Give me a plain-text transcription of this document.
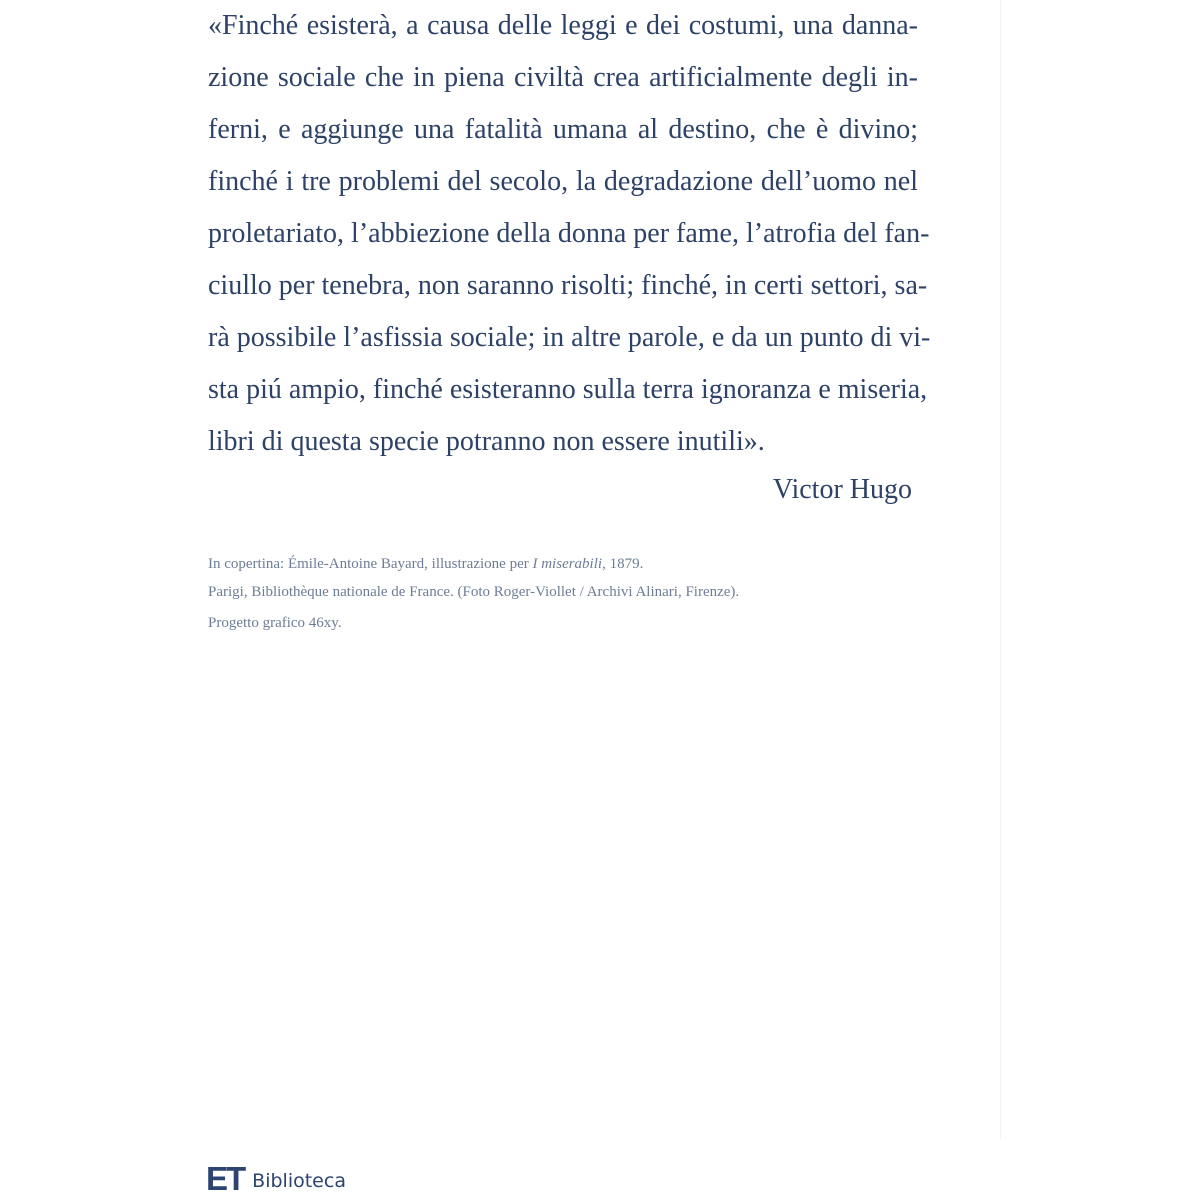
«Finché esisterà, a causa delle leggi e dei costumi, una danna-
zione sociale che in piena civiltà crea artificialmente degli in-
ferni, e aggiunge una fatalità umana al destino, che è divino;
finché i tre problemi del secolo, la degradazione dell’uomo nel
proletariato, l’abbiezione della donna per fame, l’atrofia del fan-
ciullo per tenebra, non saranno risolti; finché, in certi settori, sa-
rà possibile l’asfissia sociale; in altre parole, e da un punto di vi-
sta piú ampio, finché esisteranno sulla terra ignoranza e miseria,
libri di questa specie potranno non essere inutili».
Victor Hugo
In copertina: Émile-Antoine Bayard, illustrazione per I miserabili, 1879.
Parigi, Bibliothèque nationale de France. (Foto Roger-Viollet / Archivi Alinari, Firenze).
Progetto grafico 46xy.
ET Biblioteca
